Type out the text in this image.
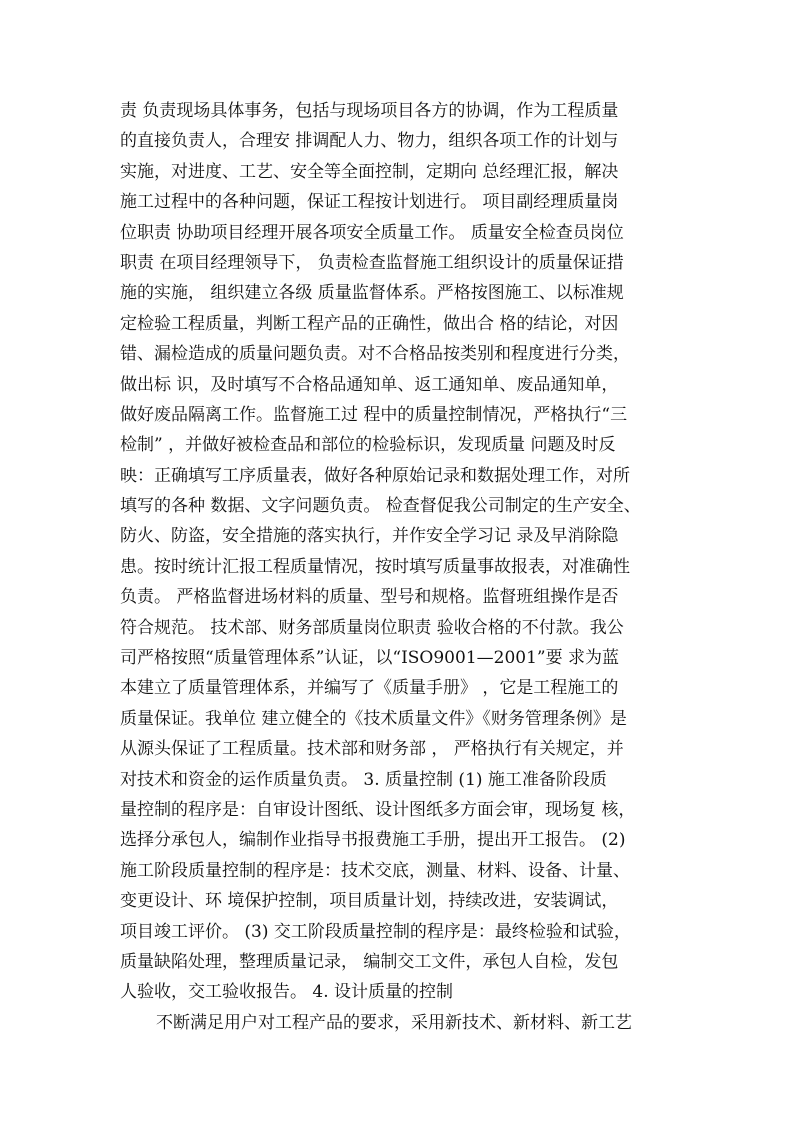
责 负责现场具体事务，包括与现场项目各方的协调，作为工程质量
的直接负责人，合理安 排调配人力、物力，组织各项工作的计划与
实施，对进度、工艺、安全等全面控制，定期向 总经理汇报，解决
施工过程中的各种问题，保证工程按计划进行。 项目副经理质量岗
位职责 协助项目经理开展各项安全质量工作。 质量安全检查员岗位
职责 在项目经理领导下， 负责检查监督施工组织设计的质量保证措
施的实施， 组织建立各级 质量监督体系。严格按图施工、以标准规
定检验工程质量，判断工程产品的正确性，做出合 格的结论，对因
错、漏检造成的质量问题负责。对不合格品按类别和程度进行分类，
做出标 识，及时填写不合格品通知单、返工通知单、废品通知单，
做好废品隔离工作。监督施工过 程中的质量控制情况，严格执行“三
检制” ，并做好被检查品和部位的检验标识，发现质量 问题及时反
映：正确填写工序质量表，做好各种原始记录和数据处理工作，对所
填写的各种 数据、文字问题负责。 检查督促我公司制定的生产安全、
防火、防盗，安全措施的落实执行，并作安全学习记 录及早消除隐
患。按时统计汇报工程质量情况，按时填写质量事故报表，对准确性
负责。 严格监督进场材料的质量、型号和规格。监督班组操作是否
符合规范。 技术部、财务部质量岗位职责 验收合格的不付款。我公
司严格按照“质量管理体系”认证，以“ISO9001—2001”要 求为蓝
本建立了质量管理体系，并编写了《质量手册》 ，它是工程施工的
质量保证。我单位 建立健全的《技术质量文件》《财务管理条例》是
从源头保证了工程质量。技术部和财务部 ， 严格执行有关规定，并
对技术和资金的运作质量负责。 3. 质量控制 (1) 施工准备阶段质
量控制的程序是：自审设计图纸、设计图纸多方面会审，现场复 核，
选择分承包人，编制作业指导书报费施工手册，提出开工报告。 (2)
施工阶段质量控制的程序是：技术交底，测量、材料、设备、计量、
变更设计、环 境保护控制，项目质量计划，持续改进，安装调试，
项目竣工评价。 (3) 交工阶段质量控制的程序是：最终检验和试验，
质量缺陷处理，整理质量记录， 编制交工文件，承包人自检，发包
人验收，交工验收报告。 4. 设计质量的控制
不断满足用户对工程产品的要求，采用新技术、新材料、新工艺
